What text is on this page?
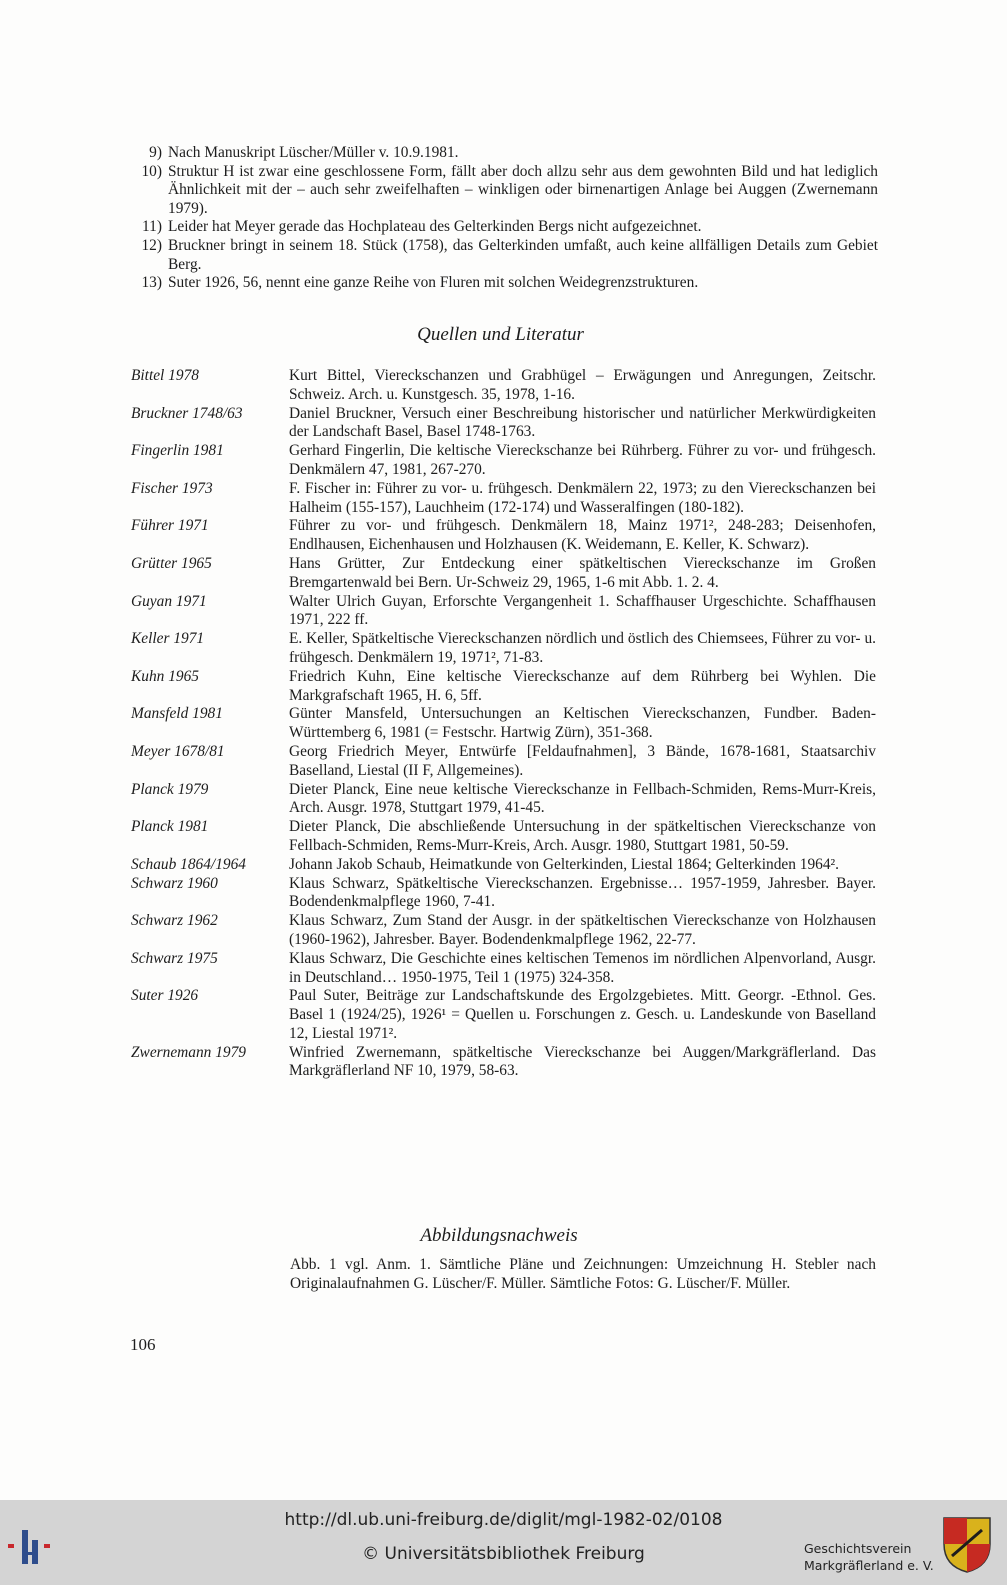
9) Nach Manuskript Lüscher/Müller v. 10.9.1981.
10) Struktur H ist zwar eine geschlossene Form, fällt aber doch allzu sehr aus dem gewohnten Bild und hat lediglich Ähnlichkeit mit der – auch sehr zweifelhaften – winkligen oder birnenartigen Anlage bei Auggen (Zwernemann 1979).
11) Leider hat Meyer gerade das Hochplateau des Gelterkinden Bergs nicht aufgezeichnet.
12) Bruckner bringt in seinem 18. Stück (1758), das Gelterkinden umfaßt, auch keine allfälligen Details zum Gebiet Berg.
13) Suter 1926, 56, nennt eine ganze Reihe von Fluren mit solchen Weidegrenzstrukturen.
Quellen und Literatur
Bittel 1978	Kurt Bittel, Viereckschanzen und Grabhügel – Erwägungen und Anregungen, Zeitschr. Schweiz. Arch. u. Kunstgesch. 35, 1978, 1-16.
Bruckner 1748/63	Daniel Bruckner, Versuch einer Beschreibung historischer und natürlicher Merkwürdigkeiten der Landschaft Basel, Basel 1748-1763.
Fingerlin 1981	Gerhard Fingerlin, Die keltische Viereckschanze bei Rührberg. Führer zu vor- und frühgesch. Denkmälern 47, 1981, 267-270.
Fischer 1973	F. Fischer in: Führer zu vor- u. frühgesch. Denkmälern 22, 1973; zu den Viereckschanzen bei Halheim (155-157), Lauchheim (172-174) und Wasseralfingen (180-182).
Führer 1971	Führer zu vor- und frühgesch. Denkmälern 18, Mainz 1971², 248-283; Deisenhofen, Endlhausen, Eichenhausen und Holzhausen (K. Weidemann, E. Keller, K. Schwarz).
Grütter 1965	Hans Grütter, Zur Entdeckung einer spätkeltischen Viereckschanze im Großen Bremgartenwald bei Bern. Ur-Schweiz 29, 1965, 1-6 mit Abb. 1. 2. 4.
Guyan 1971	Walter Ulrich Guyan, Erforschte Vergangenheit 1. Schaffhauser Urgeschichte. Schaffhausen 1971, 222 ff.
Keller 1971	E. Keller, Spätkeltische Viereckschanzen nördlich und östlich des Chiemsees, Führer zu vor- u. frühgesch. Denkmälern 19, 1971², 71-83.
Kuhn 1965	Friedrich Kuhn, Eine keltische Viereckschanze auf dem Rührberg bei Wyhlen. Die Markgrafschaft 1965, H. 6, 5ff.
Mansfeld 1981	Günter Mansfeld, Untersuchungen an Keltischen Viereckschanzen, Fundber. Baden-Württemberg 6, 1981 (= Festschr. Hartwig Zürn), 351-368.
Meyer 1678/81	Georg Friedrich Meyer, Entwürfe [Feldaufnahmen], 3 Bände, 1678-1681, Staatsarchiv Baselland, Liestal (II F, Allgemeines).
Planck 1979	Dieter Planck, Eine neue keltische Viereckschanze in Fellbach-Schmiden, Rems-Murr-Kreis, Arch. Ausgr. 1978, Stuttgart 1979, 41-45.
Planck 1981	Dieter Planck, Die abschließende Untersuchung in der spätkeltischen Viereckschanze von Fellbach-Schmiden, Rems-Murr-Kreis, Arch. Ausgr. 1980, Stuttgart 1981, 50-59.
Schaub 1864/1964	Johann Jakob Schaub, Heimatkunde von Gelterkinden, Liestal 1864; Gelterkinden 1964².
Schwarz 1960	Klaus Schwarz, Spätkeltische Viereckschanzen. Ergebnisse… 1957-1959, Jahresber. Bayer. Bodendenkmalpflege 1960, 7-41.
Schwarz 1962	Klaus Schwarz, Zum Stand der Ausgr. in der spätkeltischen Viereckschanze von Holzhausen (1960-1962), Jahresber. Bayer. Bodendenkmalpflege 1962, 22-77.
Schwarz 1975	Klaus Schwarz, Die Geschichte eines keltischen Temenos im nördlichen Alpenvorland, Ausgr. in Deutschland… 1950-1975, Teil 1 (1975) 324-358.
Suter 1926	Paul Suter, Beiträge zur Landschaftskunde des Ergolzgebietes. Mitt. Georgr. -Ethnol. Ges. Basel 1 (1924/25), 1926¹ = Quellen u. Forschungen z. Gesch. u. Landeskunde von Baselland 12, Liestal 1971².
Zwernemann 1979	Winfried Zwernemann, spätkeltische Viereckschanze bei Auggen/Markgräflerland. Das Markgräflerland NF 10, 1979, 58-63.
Abbildungsnachweis
Abb. 1 vgl. Anm. 1. Sämtliche Pläne und Zeichnungen: Umzeichnung H. Stebler nach Originalaufnahmen G. Lüscher/F. Müller. Sämtliche Fotos: G. Lüscher/F. Müller.
106
http://dl.ub.uni-freiburg.de/diglit/mgl-1982-02/0108
© Universitätsbibliothek Freiburg	Geschichtsverein
Markgräflerland e. V.
